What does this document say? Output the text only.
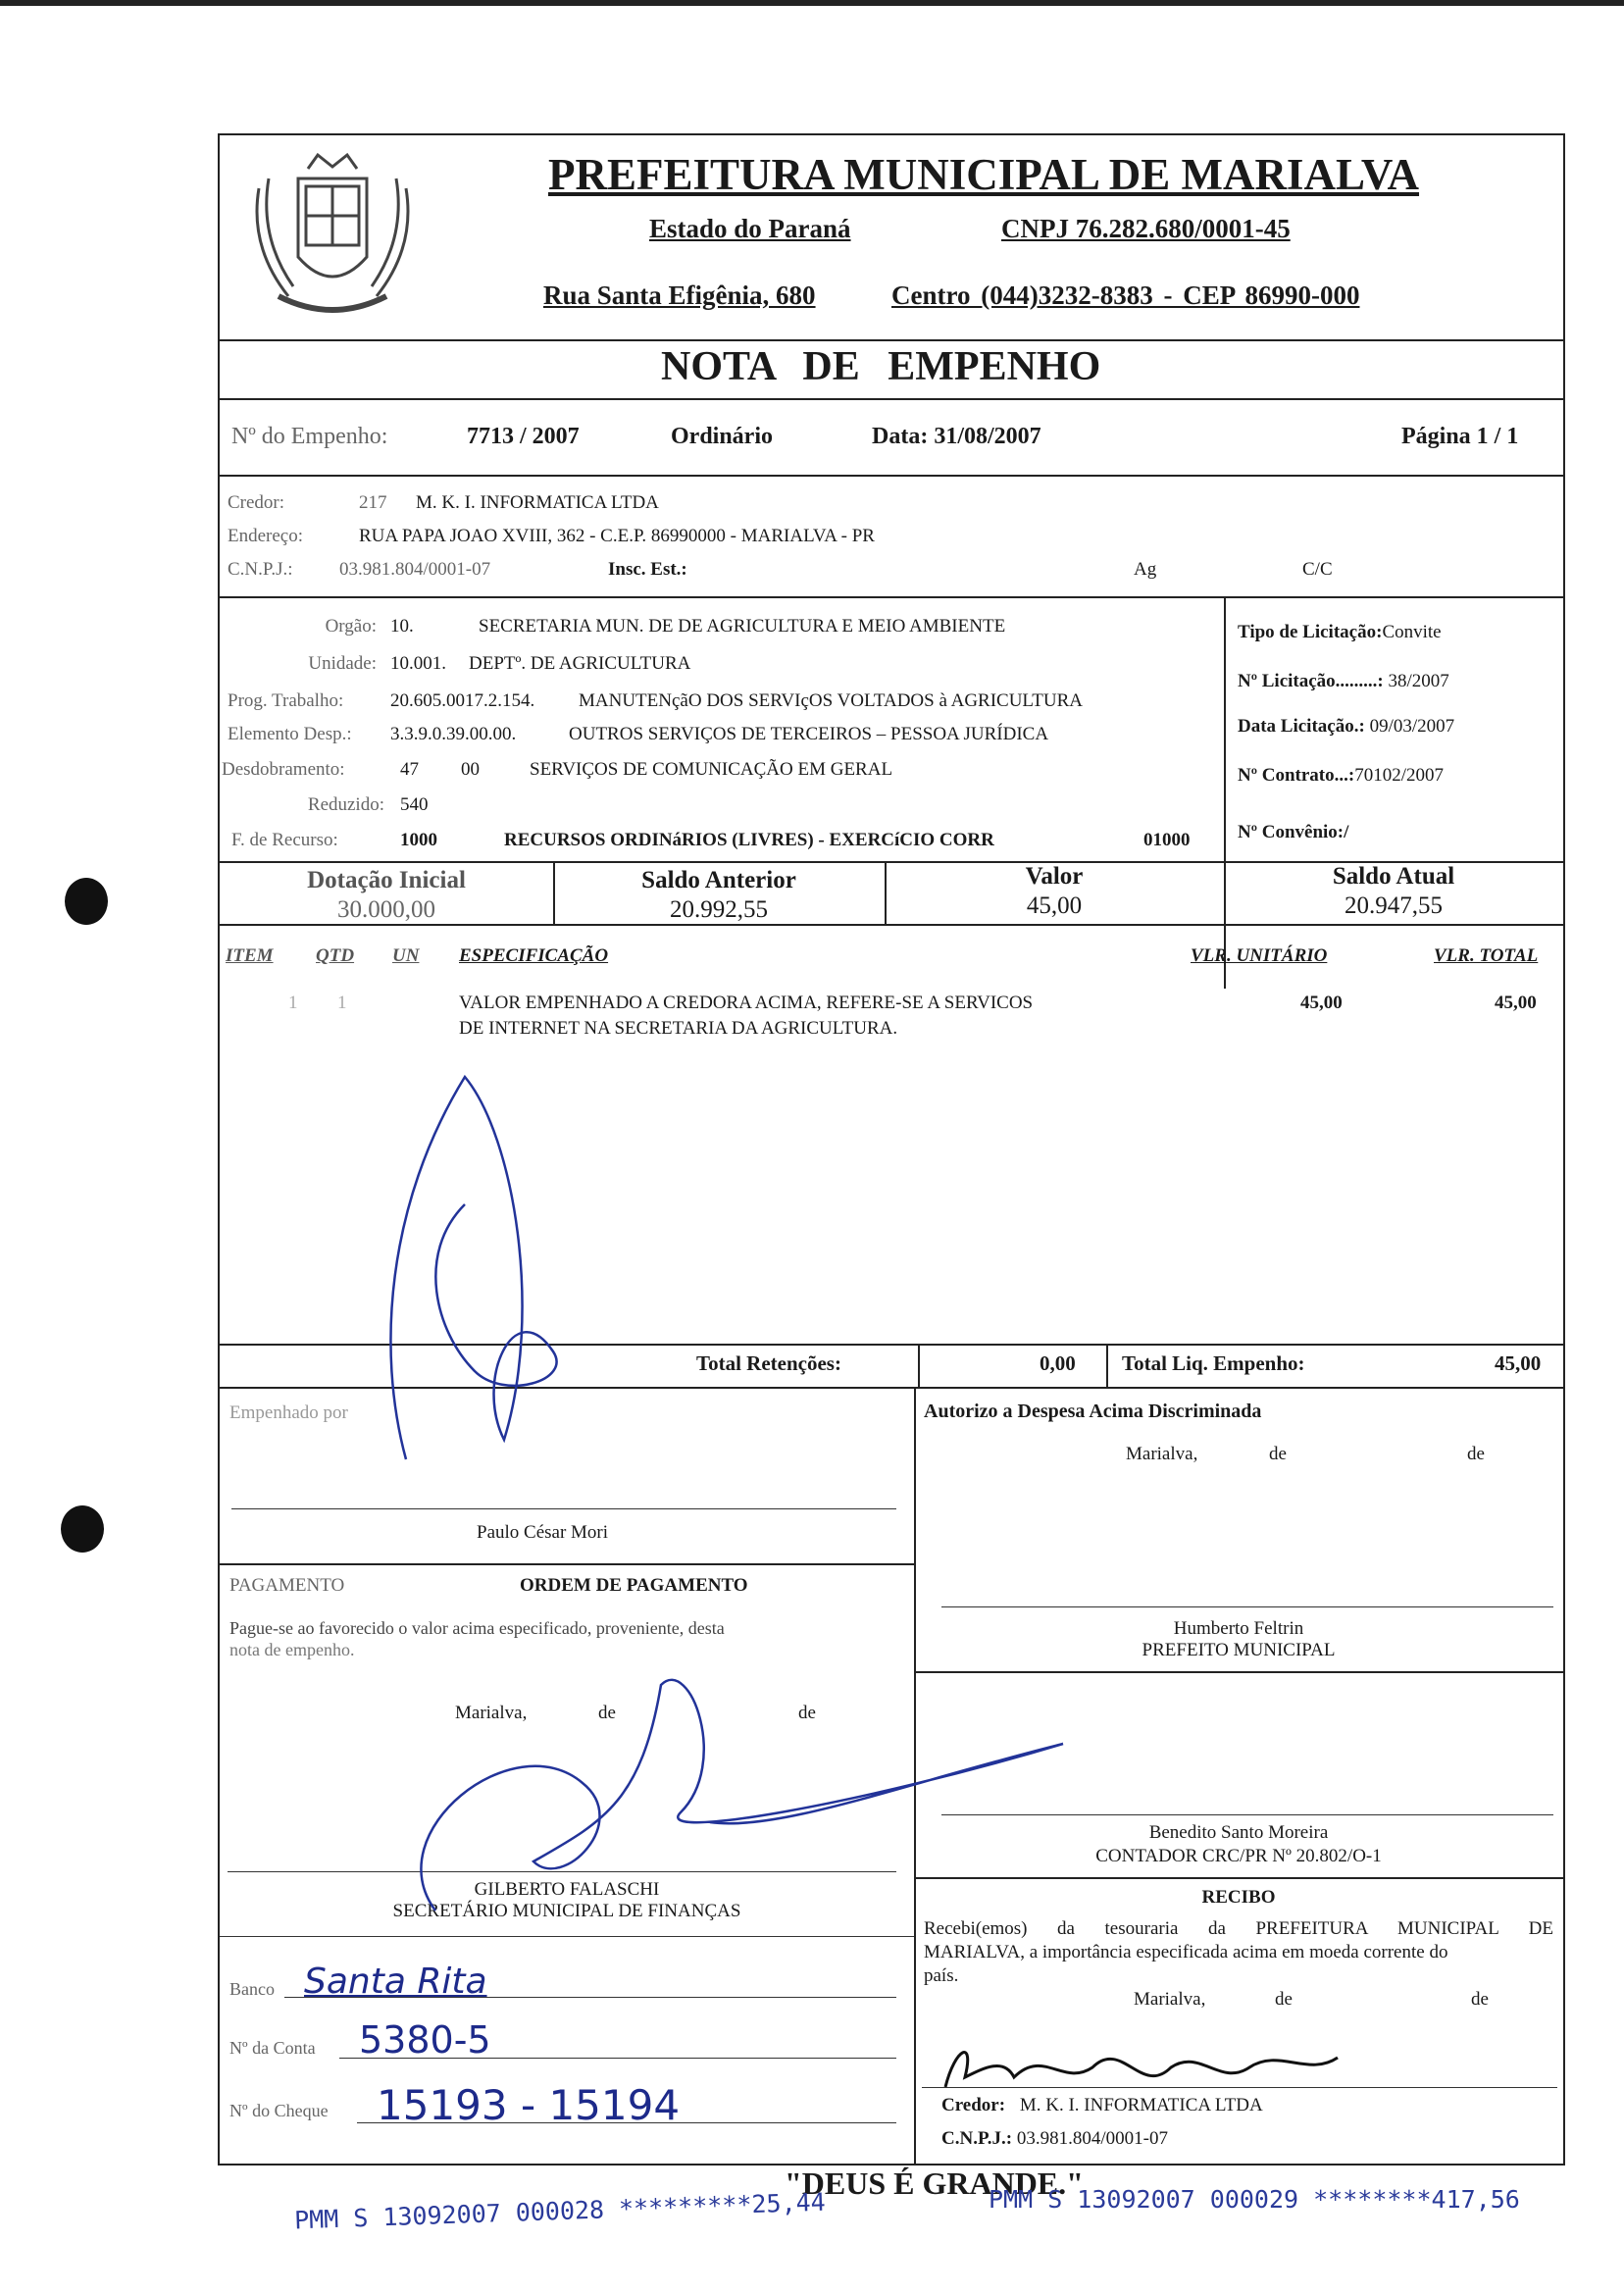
PREFEITURA MUNICIPAL DE MARIALVA
Estado do Paraná	CNPJ 76.282.680/0001-45
Rua Santa Efigênia, 680	Centro (044)3232-8383 - CEP 86990-000
NOTA DE EMPENHO
Nº do Empenho:	7713 / 2007	Ordinário	Data: 31/08/2007	Página 1 / 1
Credor:	217 M. K. I. INFORMATICA LTDA
Endereço:	RUA PAPA JOAO XVIII, 362 - C.E.P. 86990000 - MARIALVA - PR
C.N.P.J.: 03.981.804/0001-07	Insc. Est.:	Ag	C/C
Orgão: 10.	SECRETARIA MUN. DE DE AGRICULTURA E MEIO AMBIENTE
Unidade: 10.001. DEPTº. DE AGRICULTURA
Prog. Trabalho:	20.605.0017.2.154. MANUTENçãO DOS SERVIçOS VOLTADOS à AGRICULTURA
Elemento Desp.: 3.3.9.0.39.00.00.	OUTROS SERVIÇOS DE TERCEIROS – PESSOA JURÍDICA
Desdobramento:	47 00	SERVIÇOS DE COMUNICAÇÃO EM GERAL
Reduzido: 540
F. de Recurso:	1000	RECURSOS ORDINáRIOS (LIVRES) - EXERCíCIO CORR	01000
Tipo de Licitação:Convite
Nº Licitação.........: 38/2007
Data Licitação.: 09/03/2007
Nº Contrato...:70102/2007
Nº Convênio:/
Dotação Inicial
30.000,00
Saldo Anterior
20.992,55
Valor
45,00
Saldo Atual
20.947,55
ITEM QTD UN ESPECIFICAÇÃO	VLR. UNITÁRIO	VLR. TOTAL
1 1	VALOR EMPENHADO A CREDORA ACIMA, REFERE-SE A SERVICOS
DE INTERNET NA SECRETARIA DA AGRICULTURA.
45,00	45,00
Total Retenções:	0,00 Total Liq. Empenho:	45,00
Empenhado por
Paulo César Mori
Autorizo a Despesa Acima Discriminada
Marialva,	de	de
Humberto Feltrin
PREFEITO MUNICIPAL
PAGAMENTO	ORDEM DE PAGAMENTO
Pague-se ao favorecido o valor acima especificado, proveniente, desta
nota de empenho.
Marialva,	de	de
GILBERTO FALASCHI
SECRETÁRIO MUNICIPAL DE FINANÇAS
Banco Santa Rita
Nº da Conta 5380-5
Nº do Cheque 15193 - 15194
Benedito Santo Moreira
CONTADOR CRC/PR Nº 20.802/O-1
RECIBO
Recebi(emos) da tesouraria da PREFEITURA MUNICIPAL DE
MARIALVA, a importância especificada acima em moeda corrente do
país.
Marialva,	de	de
Credor: M. K. I. INFORMATICA LTDA
C.N.P.J.: 03.981.804/0001-07
"DEUS É GRANDE."
PMM S 13092007 000028 *********25,44	PMM S 13092007 000029 ********417,56
